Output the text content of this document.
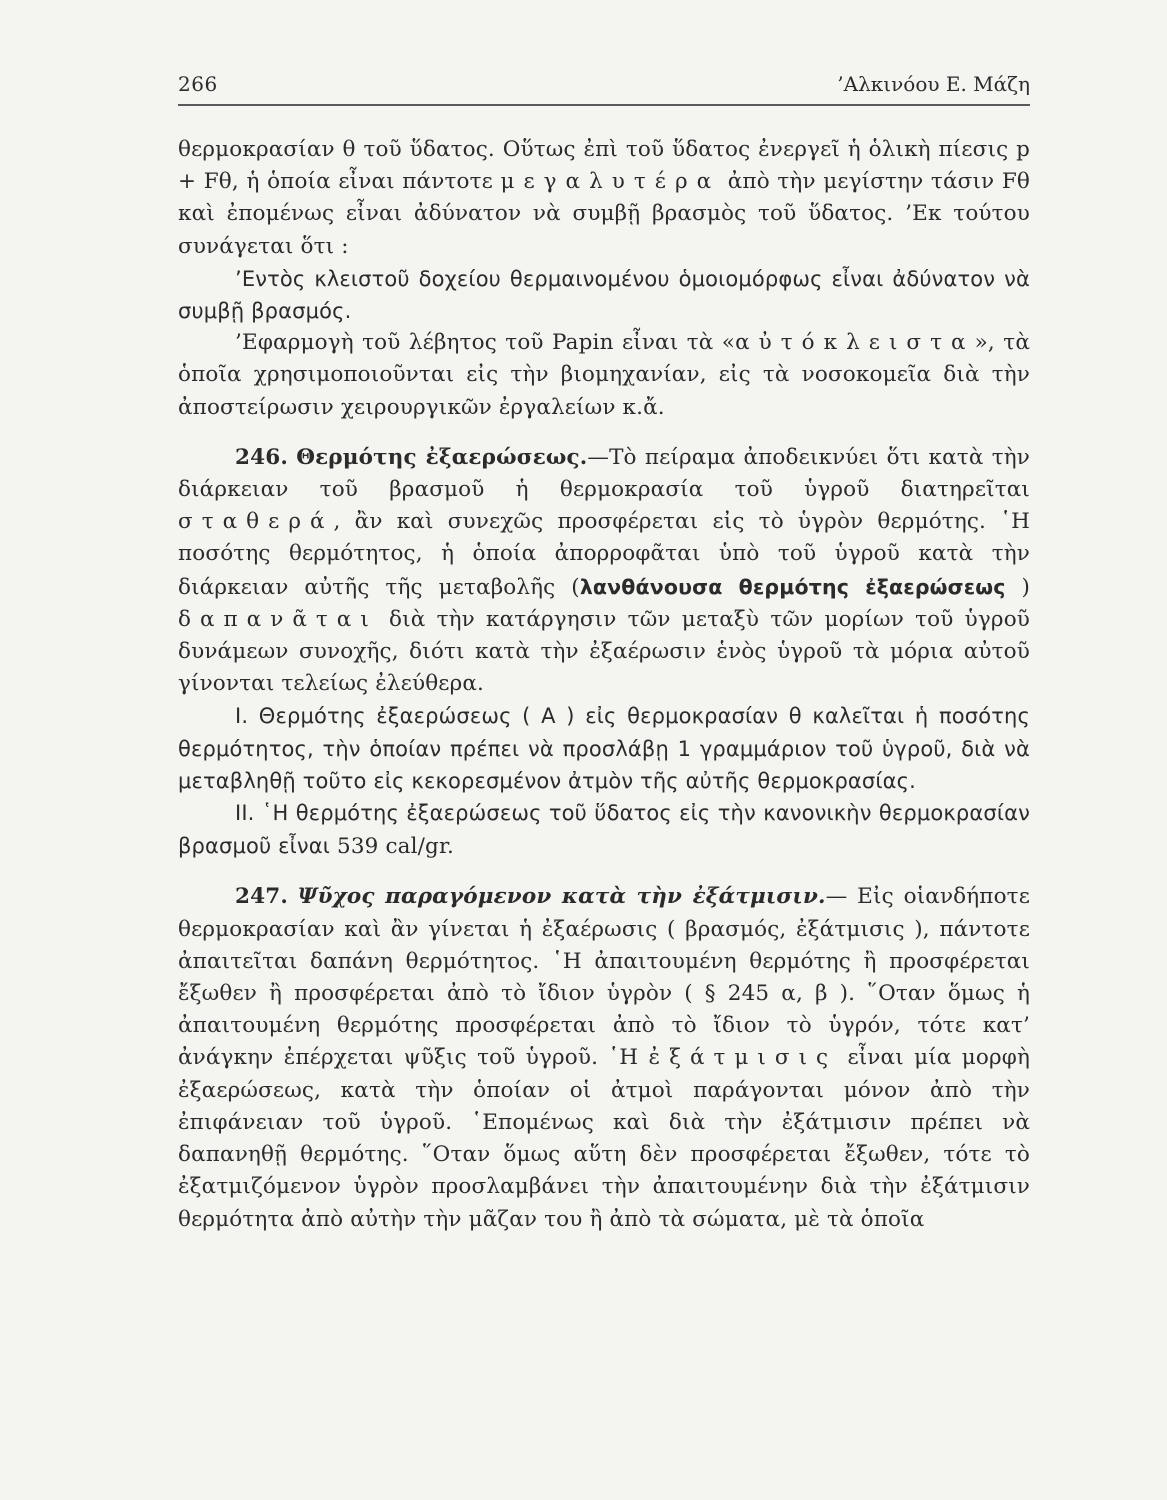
266	’Αλκινόου Ε. Μάζη

θερμοκρασίαν θ τοῦ ὕδατος. Οὕτως ἐπὶ τοῦ ὕδατος ἐνεργεῖ ἡ ὁλικὴ πίεσις p + Fθ, ἡ ὁποία εἶναι πάντοτε μεγαλυτέρα ἀπὸ τὴν μεγίστην τάσιν Fθ καὶ ἐπομένως εἶναι ἀδύνατον νὰ συμβῇ βρασμὸς τοῦ ὕδατος. ’Εκ τούτου συνάγεται ὅτι :

’Εντὸς κλειστοῦ δοχείου θερμαινομένου ὁμοιομόρφως εἶναι ἀδύνατον νὰ συμβῇ βρασμός.

’Εφαρμογὴ τοῦ λέβητος τοῦ Papin εἶναι τὰ «αὐτόκλειστα», τὰ ὁποῖα χρησιμοποιοῦνται εἰς τὴν βιομηχανίαν, εἰς τὰ νοσοκομεῖα διὰ τὴν ἀποστείρωσιν χειρουργικῶν ἐργαλείων κ.ἄ.

246. Θερμότης ἐξαερώσεως.—Τὸ πείραμα ἀποδεικνύει ὅτι κατὰ τὴν διάρκειαν τοῦ βρασμοῦ ἡ θερμοκρασία τοῦ ὑγροῦ διατηρεῖται σταθερά, ἂν καὶ συνεχῶς προσφέρεται εἰς τὸ ὑγρὸν θερμότης. ῾Η ποσότης θερμότητος, ἡ ὁποία ἀπορροφᾶται ὑπὸ τοῦ ὑγροῦ κατὰ τὴν διάρκειαν αὐτῆς τῆς μεταβολῆς (λανθάνουσα θερμότης ἐξαερώσεως ) δαπανᾶται διὰ τὴν κατάργησιν τῶν μεταξὺ τῶν μορίων τοῦ ὑγροῦ δυνάμεων συνοχῆς, διότι κατὰ τὴν ἐξαέρωσιν ἑνὸς ὑγροῦ τὰ μόρια αὐτοῦ γίνονται τελείως ἐλεύθερα.

I. Θερμότης ἐξαερώσεως ( Α ) εἰς θερμοκρασίαν θ καλεῖται ἡ ποσότης θερμότητος, τὴν ὁποίαν πρέπει νὰ προσλάβῃ 1 γραμμάριον τοῦ ὑγροῦ, διὰ νὰ μεταβληθῇ τοῦτο εἰς κεκορεσμένον ἀτμὸν τῆς αὐτῆς θερμοκρασίας.

II. ῾Η θερμότης ἐξαερώσεως τοῦ ὕδατος εἰς τὴν κανονικὴν θερμοκρασίαν βρασμοῦ εἶναι 539 cal/gr.

247. Ψῦχος παραγόμενον κατὰ τὴν ἐξάτμισιν.— Εἰς οἱανδήποτε θερμοκρασίαν καὶ ἂν γίνεται ἡ ἐξαέρωσις ( βρασμός, ἐξάτμισις ), πάντοτε ἀπαιτεῖται δαπάνη θερμότητος. ῾Η ἀπαιτουμένη θερμότης ἢ προσφέρεται ἔξωθεν ἢ προσφέρεται ἀπὸ τὸ ἴδιον ὑγρὸν ( § 245 α, β ). ῞Οταν ὅμως ἡ ἀπαιτουμένη θερμότης προσφέρεται ἀπὸ τὸ ἴδιον τὸ ὑγρόν, τότε κατ’ ἀνάγκην ἐπέρχεται ψῦξις τοῦ ὑγροῦ. ῾Η ἐξάτμισις εἶναι μία μορφὴ ἐξαερώσεως, κατὰ τὴν ὁποίαν οἱ ἀτμοὶ παράγονται μόνον ἀπὸ τὴν ἐπιφάνειαν τοῦ ὑγροῦ. ῾Επομένως καὶ διὰ τὴν ἐξάτμισιν πρέπει νὰ δαπανηθῇ θερμότης. ῞Οταν ὅμως αὕτη δὲν προσφέρεται ἔξωθεν, τότε τὸ ἐξατμιζόμενον ὑγρὸν προσλαμβάνει τὴν ἀπαιτουμένην διὰ τὴν ἐξάτμισιν θερμότητα ἀπὸ αὐτὴν τὴν μᾶζαν του ἢ ἀπὸ τὰ σώματα, μὲ τὰ ὁποῖα
